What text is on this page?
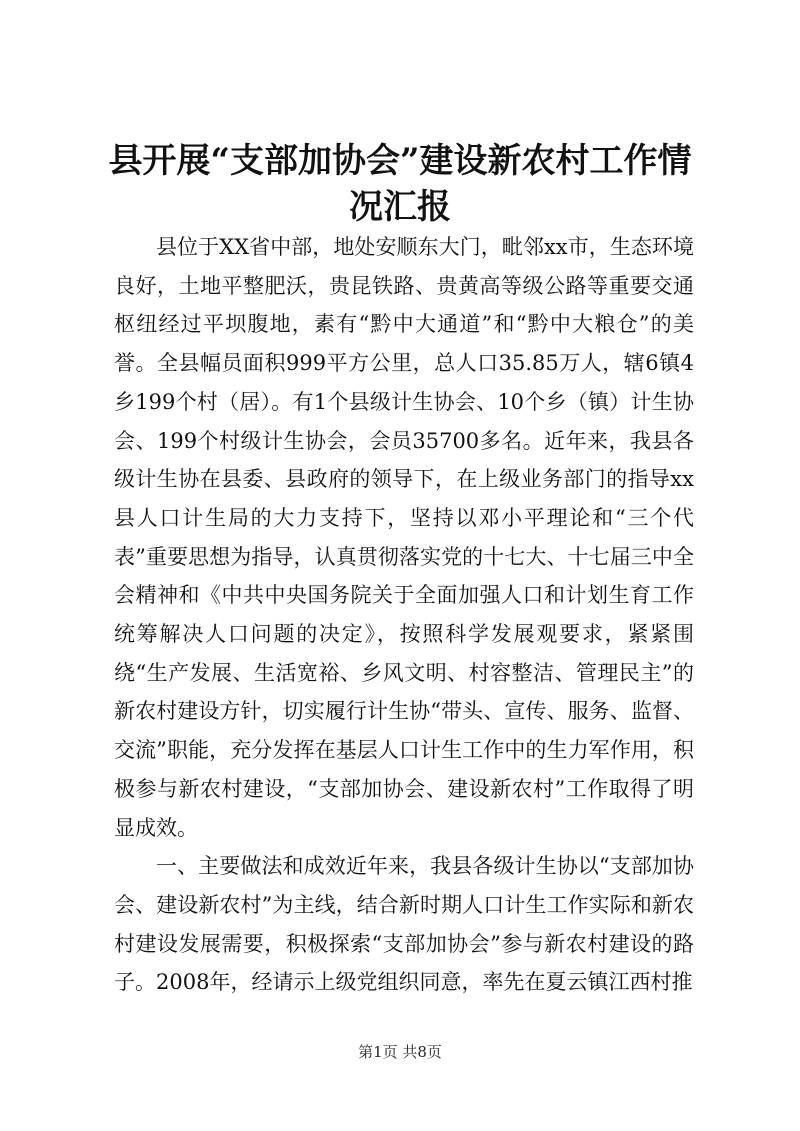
县开展“支部加协会”建设新农村工作情况汇报

县位于XX省中部，地处安顺东大门，毗邻xx市，生态环境良好，土地平整肥沃，贵昆铁路、贵黄高等级公路等重要交通枢纽经过平坝腹地，素有“黔中大通道”和“黔中大粮仓”的美誉。全县幅员面积999平方公里，总人口35.85万人，辖6镇4乡199个村（居）。有1个县级计生协会、10个乡（镇）计生协会、199个村级计生协会，会员35700多名。近年来，我县各级计生协在县委、县政府的领导下，在上级业务部门的指导xx县人口计生局的大力支持下，坚持以邓小平理论和“三个代表”重要思想为指导，认真贯彻落实党的十七大、十七届三中全会精神和《中共中央国务院关于全面加强人口和计划生育工作统筹解决人口问题的决定》，按照科学发展观要求，紧紧围绕“生产发展、生活宽裕、乡风文明、村容整洁、管理民主”的新农村建设方针，切实履行计生协“带头、宣传、服务、监督、交流”职能，充分发挥在基层人口计生工作中的生力军作用，积极参与新农村建设，“支部加协会、建设新农村”工作取得了明显成效。

一、主要做法和成效近年来，我县各级计生协以“支部加协会、建设新农村”为主线，结合新时期人口计生工作实际和新农村建设发展需要，积极探索“支部加协会”参与新农村建设的路子。2008年，经请示上级党组织同意，率先在夏云镇江西村推

第1页 共8页
